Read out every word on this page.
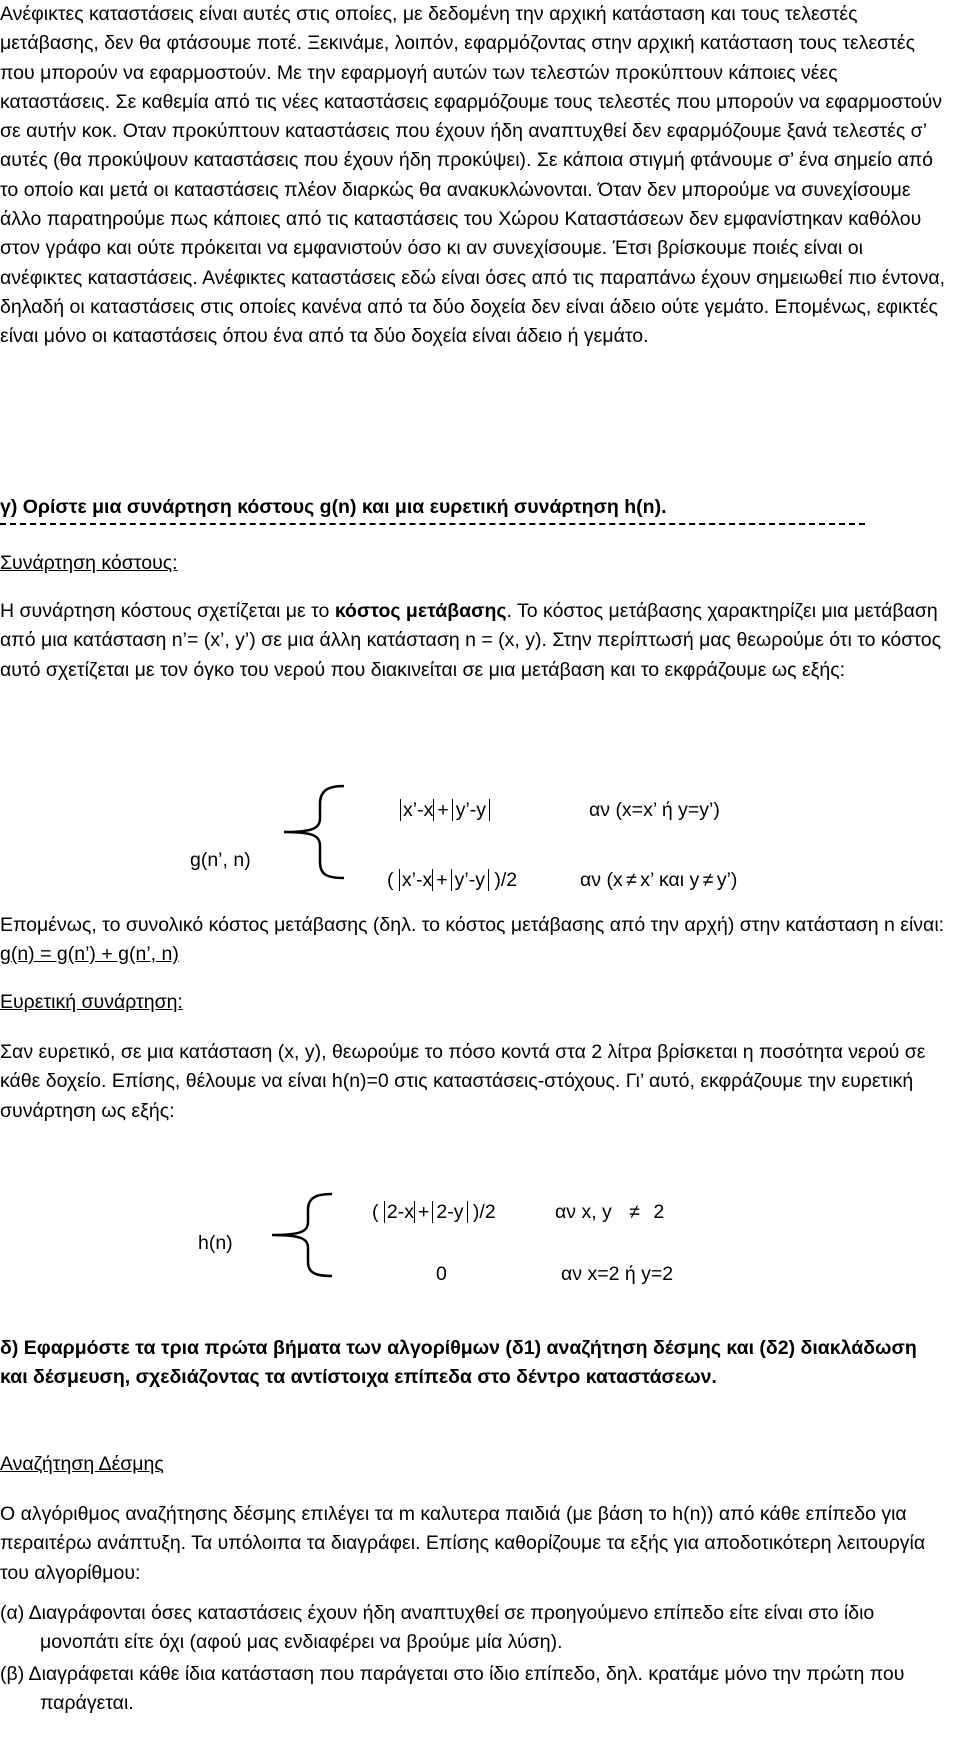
Ανέφικτες καταστάσεις είναι αυτές στις οποίες, με δεδομένη την αρχική κατάσταση και τους τελεστές μετάβασης, δεν θα φτάσουμε ποτέ. Ξεκινάμε, λοιπόν, εφαρμόζοντας στην αρχική κατάσταση τους τελεστές που μπορούν να εφαρμοστούν. Με την εφαρμογή αυτών των τελεστών προκύπτουν κάποιες νέες καταστάσεις. Σε καθεμία από τις νέες καταστάσεις εφαρμόζουμε τους τελεστές που μπορούν να εφαρμοστούν σε αυτήν κοκ. Οταν προκύπτουν καταστάσεις που έχουν ήδη αναπτυχθεί δεν εφαρμόζουμε ξανά τελεστές σ’ αυτές (θα προκύψουν καταστάσεις που έχουν ήδη προκύψει). Σε κάποια στιγμή φτάνουμε σ’ ένα σημείο από το οποίο και μετά οι καταστάσεις πλέον διαρκώς θα ανακυκλώνονται. Όταν δεν μπορούμε να συνεχίσουμε άλλο παρατηρούμε πως κάποιες από τις καταστάσεις του Χώρου Καταστάσεων δεν εμφανίστηκαν καθόλου στον γράφο και ούτε πρόκειται να εμφανιστούν όσο κι αν συνεχίσουμε. Έτσι βρίσκουμε ποιές είναι οι ανέφικτες καταστάσεις. Ανέφικτες καταστάσεις εδώ είναι όσες από τις παραπάνω έχουν σημειωθεί πιο έντονα, δηλαδή οι καταστάσεις στις οποίες κανένα από τα δύο δοχεία δεν είναι άδειο ούτε γεμάτο. Επομένως, εφικτές είναι μόνο οι καταστάσεις όπου ένα από τα δύο δοχεία είναι άδειο ή γεμάτο.

γ) Ορίστε μια συνάρτηση κόστους g(n) και μια ευρετική συνάρτηση h(n).

Συνάρτηση κόστους:

Η συνάρτηση κόστους σχετίζεται με το κόστος μετάβασης. Το κόστος μετάβασης χαρακτηρίζει μια μετάβαση από μια κατάσταση n’= (x’, y’) σε μια άλλη κατάσταση n = (x, y). Στην περίπτωσή μας θεωρούμε ότι το κόστος αυτό σχετίζεται με τον όγκο του νερού που διακινείται σε μια μετάβαση και το εκφράζουμε ως εξής:

g(n’, n)
x’-x + y’-y	αν (x=x’ ή y=y’)
( x’-x + y’-y )/2	αν (x ≠ x’ και y ≠ y’)

Επομένως, το συνολικό κόστος μετάβασης (δηλ. το κόστος μετάβασης από την αρχή) στην κατάσταση n είναι: g(n) = g(n’) + g(n’, n)

Ευρετική συνάρτηση:

Σαν ευρετικό, σε μια κατάσταση (x, y), θεωρούμε το πόσο κοντά στα 2 λίτρα βρίσκεται η ποσότητα νερού σε κάθε δοχείο. Επίσης, θέλουμε να είναι h(n)=0 στις καταστάσεις-στόχους. Γι’ αυτό, εκφράζουμε την ευρετική συνάρτηση ως εξής:

h(n)
( 2-x + 2-y )/2	αν x, y ≠ 2
0	αν x=2 ή y=2

δ) Εφαρμόστε τα τρια πρώτα βήματα των αλγορίθμων (δ1) αναζήτηση δέσμης και (δ2) διακλάδωση και δέσμευση, σχεδιάζοντας τα αντίστοιχα επίπεδα στο δέντρο καταστάσεων.

Αναζήτηση Δέσμης

Ο αλγόριθμος αναζήτησης δέσμης επιλέγει τα m καλυτερα παιδιά (με βάση το h(n)) από κάθε επίπεδο για περαιτέρω ανάπτυξη. Τα υπόλοιπα τα διαγράφει. Επίσης καθορίζουμε τα εξής για αποδοτικότερη λειτουργία του αλγορίθμου:

(α) Διαγράφονται όσες καταστάσεις έχουν ήδη αναπτυχθεί σε προηγούμενο επίπεδο είτε είναι στο ίδιο μονοπάτι είτε όχι (αφού μας ενδιαφέρει να βρούμε μία λύση).

(β) Διαγράφεται κάθε ίδια κατάσταση που παράγεται στο ίδιο επίπεδο, δηλ. κρατάμε μόνο την πρώτη που παράγεται.
